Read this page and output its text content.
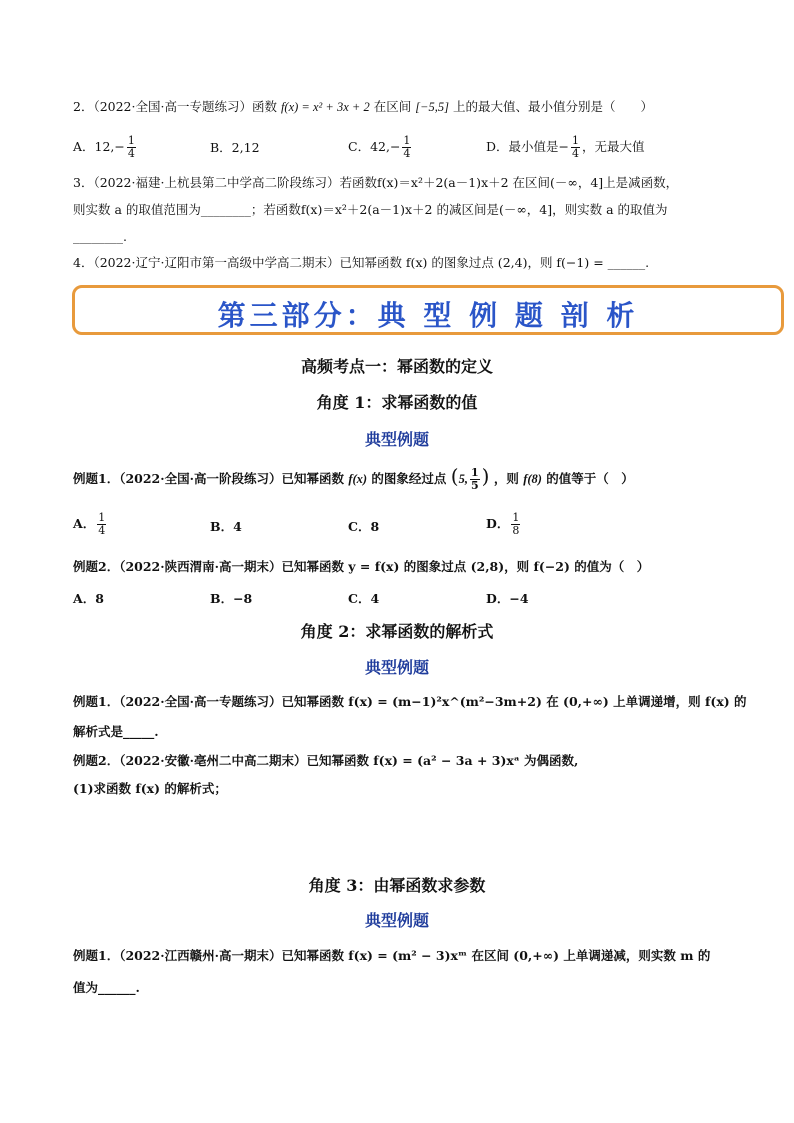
2．（2022·全国·高一专题练习）函数 f(x) = x² + 3x + 2 在区间 [−5,5] 上的最大值、最小值分别是（　　）
A．$12,- \frac{1}{4}$	B．2,12	C．$42,- \frac{1}{4}$	D．最小值是− $\frac{1}{4}$ ，无最大值
3．（2022·福建·上杭县第二中学高二阶段练习）若函数f(x)＝x²＋2(a－1)x＋2 在区间(－∞，4]上是减函数，
则实数 a 的取值范围为________；若函数f(x)＝x²＋2(a－1)x＋2 的减区间是(－∞，4]，则实数 a 的取值为
________.
4．（2022·辽宁·辽阳市第一高级中学高二期末）已知幂函数 f(x) 的图象过点 (2,4)，则 f(−1) = ______.
第三部分：典 型 例 题 剖 析
高频考点一：幂函数的定义
角度 1：求幂函数的值
典型例题
例题1．（2022·全国·高一阶段练习）已知幂函数 f(x) 的图象经过点 (5, $\frac{1}{5}$ ) ，则 f(8) 的值等于（　）
A． $\frac{1}{4}$	B．4	C．8	D． $\frac{1}{8}$
例题2．（2022·陕西渭南·高一期末）已知幂函数 y = f(x) 的图象过点 (2,8)，则 f(−2) 的值为（　）
A．8	B．−8	C．4	D．−4
角度 2：求幂函数的解析式
典型例题
例题1．（2022·全国·高一专题练习）已知幂函数 f(x) = (m−1)²x^(m²−3m+2) 在 (0,+∞) 上单调递增，则 f(x) 的
解析式是_____.
例题2．（2022·安徽·亳州二中高二期末）已知幂函数 f(x) = (a² − 3a + 3)xᵃ 为偶函数,
(1)求函数 f(x) 的解析式；
角度 3：由幂函数求参数
典型例题
例题1．（2022·江西赣州·高一期末）已知幂函数 f(x) = (m² − 3)xᵐ 在区间 (0,+∞) 上单调递减，则实数 m 的
值为______.
